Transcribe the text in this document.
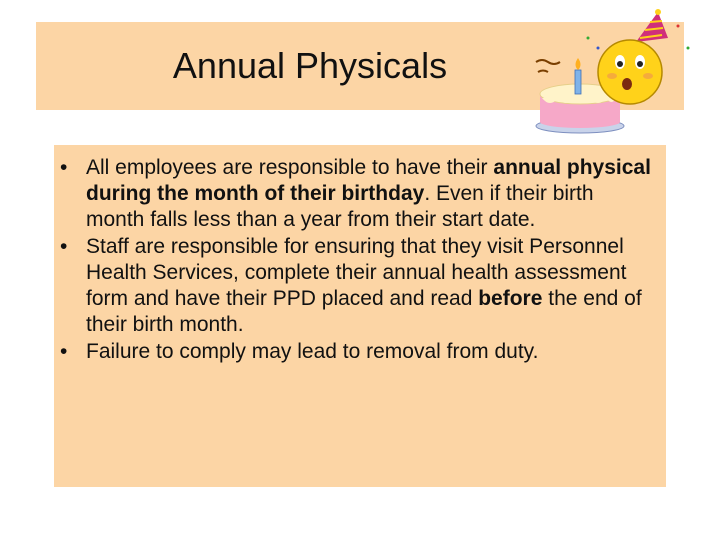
Annual Physicals
• All employees are responsible to have their annual physical during the month of their birthday. Even if their birth month falls less than a year from their start date.
• Staff are responsible for ensuring that they visit Personnel Health Services, complete their annual health assessment form and have their PPD placed and read before the end of their birth month.
• Failure to comply may lead to removal from duty.
